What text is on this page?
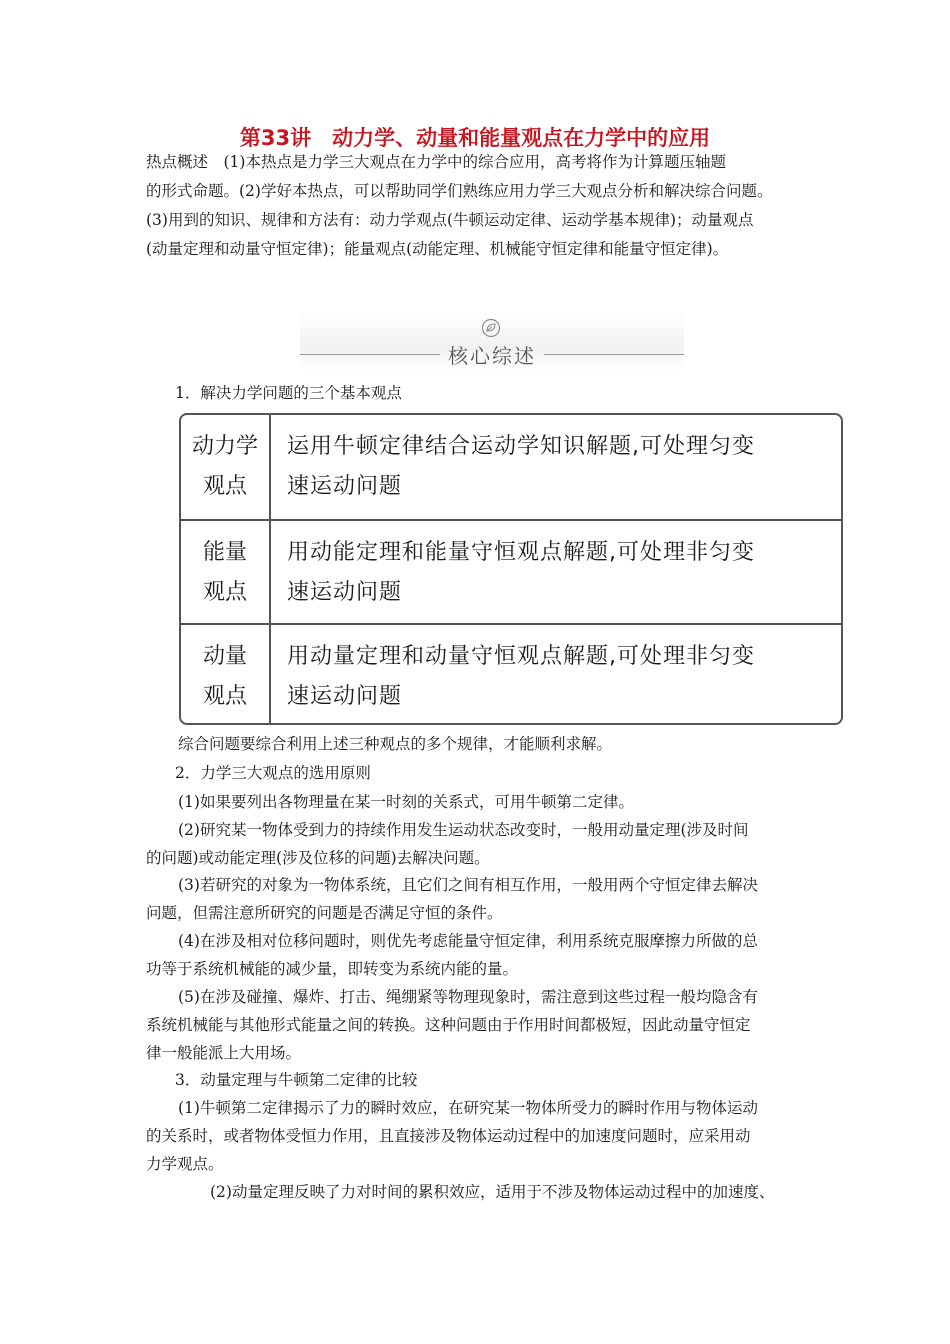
第33讲　动力学、动量和能量观点在力学中的应用
热点概述　(1)本热点是力学三大观点在力学中的综合应用，高考将作为计算题压轴题
的形式命题。(2)学好本热点，可以帮助同学们熟练应用力学三大观点分析和解决综合问题。
(3)用到的知识、规律和方法有：动力学观点(牛顿运动定律、运动学基本规律)；动量观点
(动量定理和动量守恒定律)；能量观点(动能定理、机械能守恒定律和能量守恒定律)。
核心综述
1．解决力学问题的三个基本观点
动力学
观点
运用牛顿定律结合运动学知识解题,可处理匀变
速运动问题
能量
观点
用动能定理和能量守恒观点解题,可处理非匀变
速运动问题
动量
观点
用动量定理和动量守恒观点解题,可处理非匀变
速运动问题
综合问题要综合利用上述三种观点的多个规律，才能顺利求解。
2．力学三大观点的选用原则
(1)如果要列出各物理量在某一时刻的关系式，可用牛顿第二定律。
(2)研究某一物体受到力的持续作用发生运动状态改变时，一般用动量定理(涉及时间
的问题)或动能定理(涉及位移的问题)去解决问题。
(3)若研究的对象为一物体系统，且它们之间有相互作用，一般用两个守恒定律去解决
问题，但需注意所研究的问题是否满足守恒的条件。
(4)在涉及相对位移问题时，则优先考虑能量守恒定律，利用系统克服摩擦力所做的总
功等于系统机械能的减少量，即转变为系统内能的量。
(5)在涉及碰撞、爆炸、打击、绳绷紧等物理现象时，需注意到这些过程一般均隐含有
系统机械能与其他形式能量之间的转换。这种问题由于作用时间都极短，因此动量守恒定
律一般能派上大用场。
3．动量定理与牛顿第二定律的比较
(1)牛顿第二定律揭示了力的瞬时效应，在研究某一物体所受力的瞬时作用与物体运动
的关系时，或者物体受恒力作用，且直接涉及物体运动过程中的加速度问题时，应采用动
力学观点。
(2)动量定理反映了力对时间的累积效应，适用于不涉及物体运动过程中的加速度、
